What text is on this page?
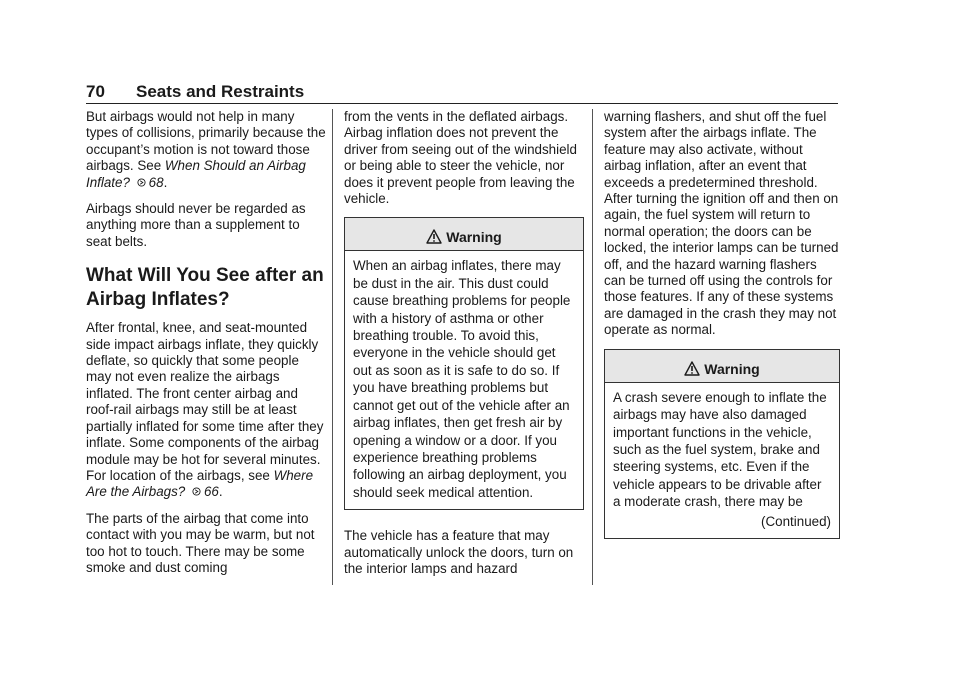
70	Seats and Restraints

But airbags would not help in many types of collisions, primarily because the occupant’s motion is not toward those airbags. See When Should an Airbag Inflate? 68.

Airbags should never be regarded as anything more than a supplement to seat belts.

What Will You See after an Airbag Inflates?

After frontal, knee, and seat-mounted side impact airbags inflate, they quickly deflate, so quickly that some people may not even realize the airbags inflated. The front center airbag and roof-rail airbags may still be at least partially inflated for some time after they inflate. Some components of the airbag module may be hot for several minutes. For location of the airbags, see Where Are the Airbags? 66.

The parts of the airbag that come into contact with you may be warm, but not too hot to touch. There may be some smoke and dust coming

from the vents in the deflated airbags. Airbag inflation does not prevent the driver from seeing out of the windshield or being able to steer the vehicle, nor does it prevent people from leaving the vehicle.

Warning
When an airbag inflates, there may be dust in the air. This dust could cause breathing problems for people with a history of asthma or other breathing trouble. To avoid this, everyone in the vehicle should get out as soon as it is safe to do so. If you have breathing problems but cannot get out of the vehicle after an airbag inflates, then get fresh air by opening a window or a door. If you experience breathing problems following an airbag deployment, you should seek medical attention.

The vehicle has a feature that may automatically unlock the doors, turn on the interior lamps and hazard

warning flashers, and shut off the fuel system after the airbags inflate. The feature may also activate, without airbag inflation, after an event that exceeds a predetermined threshold. After turning the ignition off and then on again, the fuel system will return to normal operation; the doors can be locked, the interior lamps can be turned off, and the hazard warning flashers can be turned off using the controls for those features. If any of these systems are damaged in the crash they may not operate as normal.

Warning
A crash severe enough to inflate the airbags may have also damaged important functions in the vehicle, such as the fuel system, brake and steering systems, etc. Even if the vehicle appears to be drivable after a moderate crash, there may be
(Continued)
